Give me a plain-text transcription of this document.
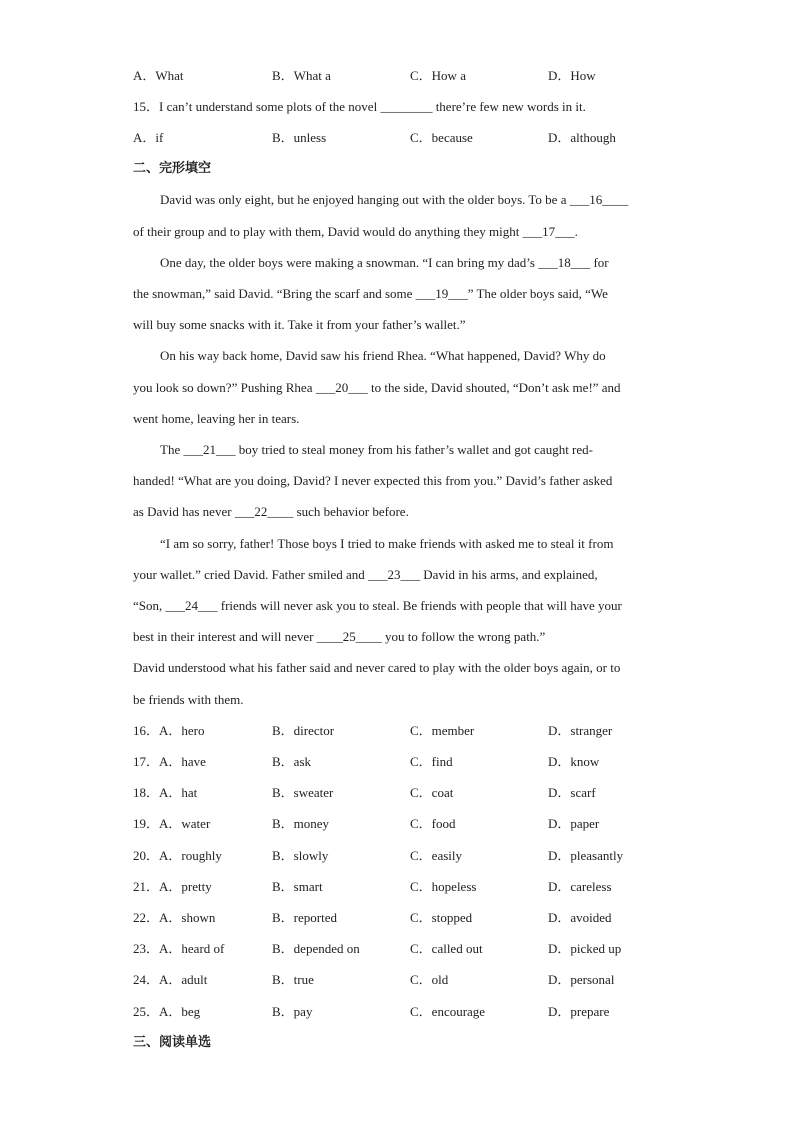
A．What	B．What a	C．How a	D．How
15．I can’t understand some plots of the novel ________ there’re few new words in it.
A．if	B．unless	C．because	D．although
二、完形填空
David was only eight, but he enjoyed hanging out with the older boys. To be a ___16____
of their group and to play with them, David would do anything they might ___17___.
One day, the older boys were making a snowman. “I can bring my dad’s ___18___ for
the snowman,” said David. “Bring the scarf and some ___19___” The older boys said, “We
will buy some snacks with it. Take it from your father’s wallet.”
On his way back home, David saw his friend Rhea. “What happened, David? Why do
you look so down?” Pushing Rhea ___20___ to the side, David shouted, “Don’t ask me!” and
went home, leaving her in tears.
The ___21___ boy tried to steal money from his father’s wallet and got caught red-
handed! “What are you doing, David? I never expected this from you.” David’s father asked
as David has never ___22____ such behavior before.
“I am so sorry, father! Those boys I tried to make friends with asked me to steal it from
your wallet.” cried David. Father smiled and ___23___ David in his arms, and explained,
“Son, ___24___ friends will never ask you to steal. Be friends with people that will have your
best in their interest and will never ____25____ you to follow the wrong path.”
David understood what his father said and never cared to play with the older boys again, or to
be friends with them.
16．A．hero	B．director	C．member	D．stranger
17．A．have	B．ask	C．find	D．know
18．A．hat	B．sweater	C．coat	D．scarf
19．A．water	B．money	C．food	D．paper
20．A．roughly	B．slowly	C．easily	D．pleasantly
21．A．pretty	B．smart	C．hopeless	D．careless
22．A．shown	B．reported	C．stopped	D．avoided
23．A．heard of	B．depended on	C．called out	D．picked up
24．A．adult	B．true	C．old	D．personal
25．A．beg	B．pay	C．encourage	D．prepare
三、阅读单选
